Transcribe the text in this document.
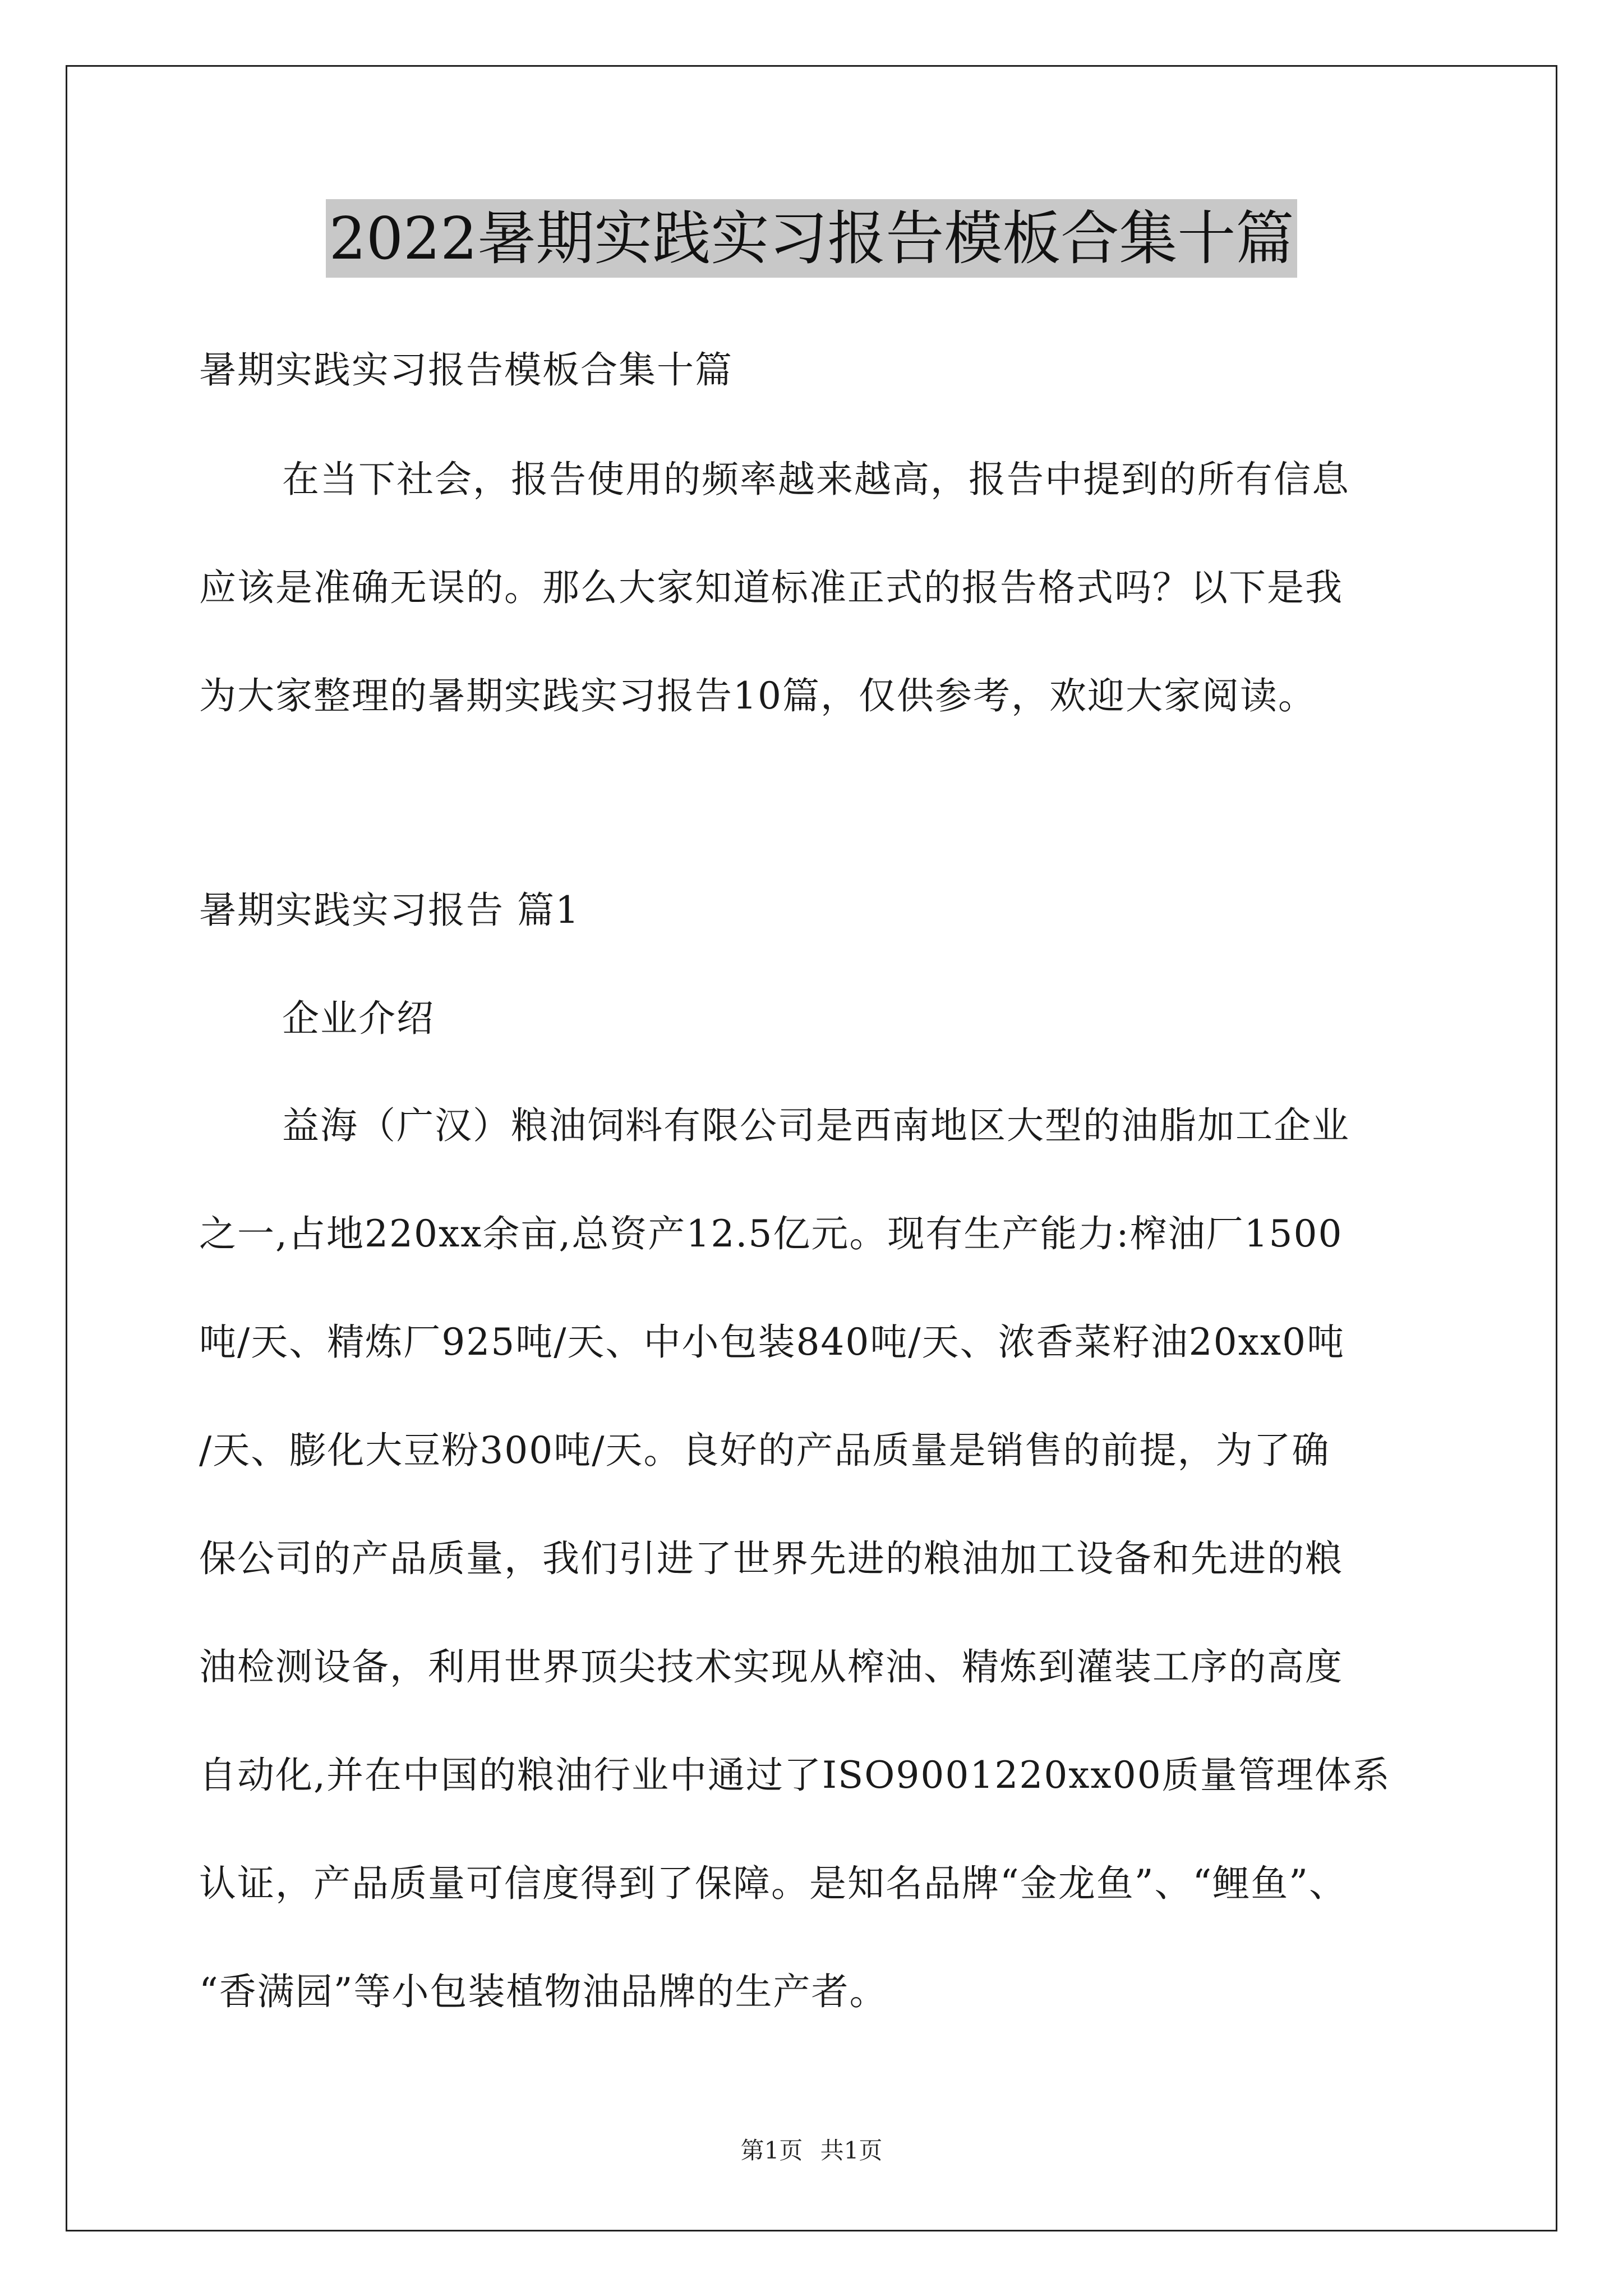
2022暑期实践实习报告模板合集十篇
暑期实践实习报告模板合集十篇
在当下社会，报告使用的频率越来越高，报告中提到的所有信息
应该是准确无误的。那么大家知道标准正式的报告格式吗？以下是我
为大家整理的暑期实践实习报告10篇，仅供参考，欢迎大家阅读。
暑期实践实习报告 篇1
企业介绍
益海（广汉）粮油饲料有限公司是西南地区大型的油脂加工企业
之一,占地220xx余亩,总资产12.5亿元。现有生产能力:榨油厂1500
吨/天、精炼厂925吨/天、中小包装840吨/天、浓香菜籽油20xx0吨
/天、膨化大豆粉300吨/天。良好的产品质量是销售的前提，为了确
保公司的产品质量，我们引进了世界先进的粮油加工设备和先进的粮
油检测设备，利用世界顶尖技术实现从榨油、精炼到灌装工序的高度
自动化,并在中国的粮油行业中通过了ISO9001220xx00质量管理体系
认证，产品质量可信度得到了保障。是知名品牌“金龙鱼”、“鲤鱼”、
“香满园”等小包装植物油品牌的生产者。
第1页 共1页
